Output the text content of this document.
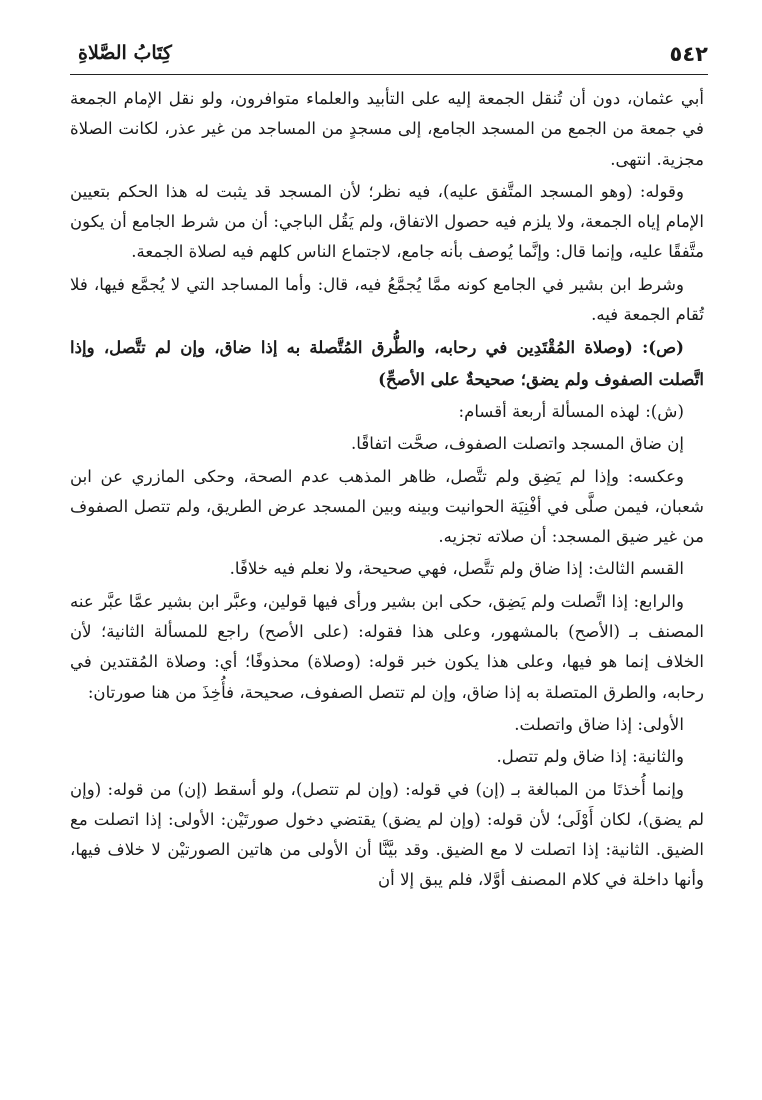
٥٤٢
كِتَابُ الصَّلاةِ

أبي عثمان، دون أن تُنقل الجمعة إليه على التأبيد والعلماء متوافرون، ولو نقل الإمام الجمعة في جمعة من الجمع من المسجد الجامع، إلى مسجدٍ من المساجد من غير عذر، لكانت الصلاة مجزية. انتهى.

وقوله: (وهو المسجد المتَّفق عليه)، فيه نظر؛ لأن المسجد قد يثبت له هذا الحكم بتعيين الإمام إياه الجمعة، ولا يلزم فيه حصول الاتفاق، ولم يَقُل الباجي: أن من شرط الجامع أن يكون متَّفقًا عليه، وإنما قال: وإنَّما يُوصف بأنه جامع، لاجتماع الناس كلهم فيه لصلاة الجمعة.

وشرط ابن بشير في الجامع كونه ممَّا يُجمَّعُ فيه، قال: وأما المساجد التي لا يُجمَّع فيها، فلا تُقام الجمعة فيه.

(ص): (وصلاة المُقْتَدِين في رحابه، والطُّرق المُتَّصلة به إذا ضاق، وإن لم تتَّصل، وإذا اتَّصلت الصفوف ولم يضق؛ صحيحةٌ على الأصحِّ)

(ش): لهذه المسألة أربعة أقسام:

إن ضاق المسجد واتصلت الصفوف، صحَّت اتفاقًا.

وعكسه: وإذا لم يَضِق ولم تتَّصل، ظاهر المذهب عدم الصحة، وحكى المازري عن ابن شعبان، فيمن صلَّى في أفْنِيَة الحوانيت وبينه وبين المسجد عرض الطريق، ولم تتصل الصفوف من غير ضيق المسجد: أن صلاته تجزيه.

القسم الثالث: إذا ضاق ولم تتَّصل، فهي صحيحة، ولا نعلم فيه خلافًا.

والرابع: إذا اتَّصلت ولم يَضِق، حكى ابن بشير ورأى فيها قولين، وعبَّر ابن بشير عمَّا عبَّر عنه المصنف بـ (الأصح) بالمشهور، وعلى هذا فقوله: (على الأصح) راجع للمسألة الثانية؛ لأن الخلاف إنما هو فيها، وعلى هذا يكون خبر قوله: (وصلاة) محذوفًا؛ أي: وصلاة المُقتدين في رحابه، والطرق المتصلة به إذا ضاق، وإن لم تتصل الصفوف، صحيحة، فأُخِذَ من هنا صورتان:

الأولى: إذا ضاق واتصلت.

والثانية: إذا ضاق ولم تتصل.

وإنما أُخذتَا من المبالغة بـ (إن) في قوله: (وإن لم تتصل)، ولو أسقط (إن) من قوله: (وإن لم يضق)، لكان أَوْلَى؛ لأن قوله: (وإن لم يضق) يقتضي دخول صورتَيْن: الأولى: إذا اتصلت مع الضيق. الثانية: إذا اتصلت لا مع الضيق. وقد بيَّنَّا أن الأولى من هاتين الصورتيْن لا خلاف فيها، وأنها داخلة في كلام المصنف أوَّلا، فلم يبق إلا أن
